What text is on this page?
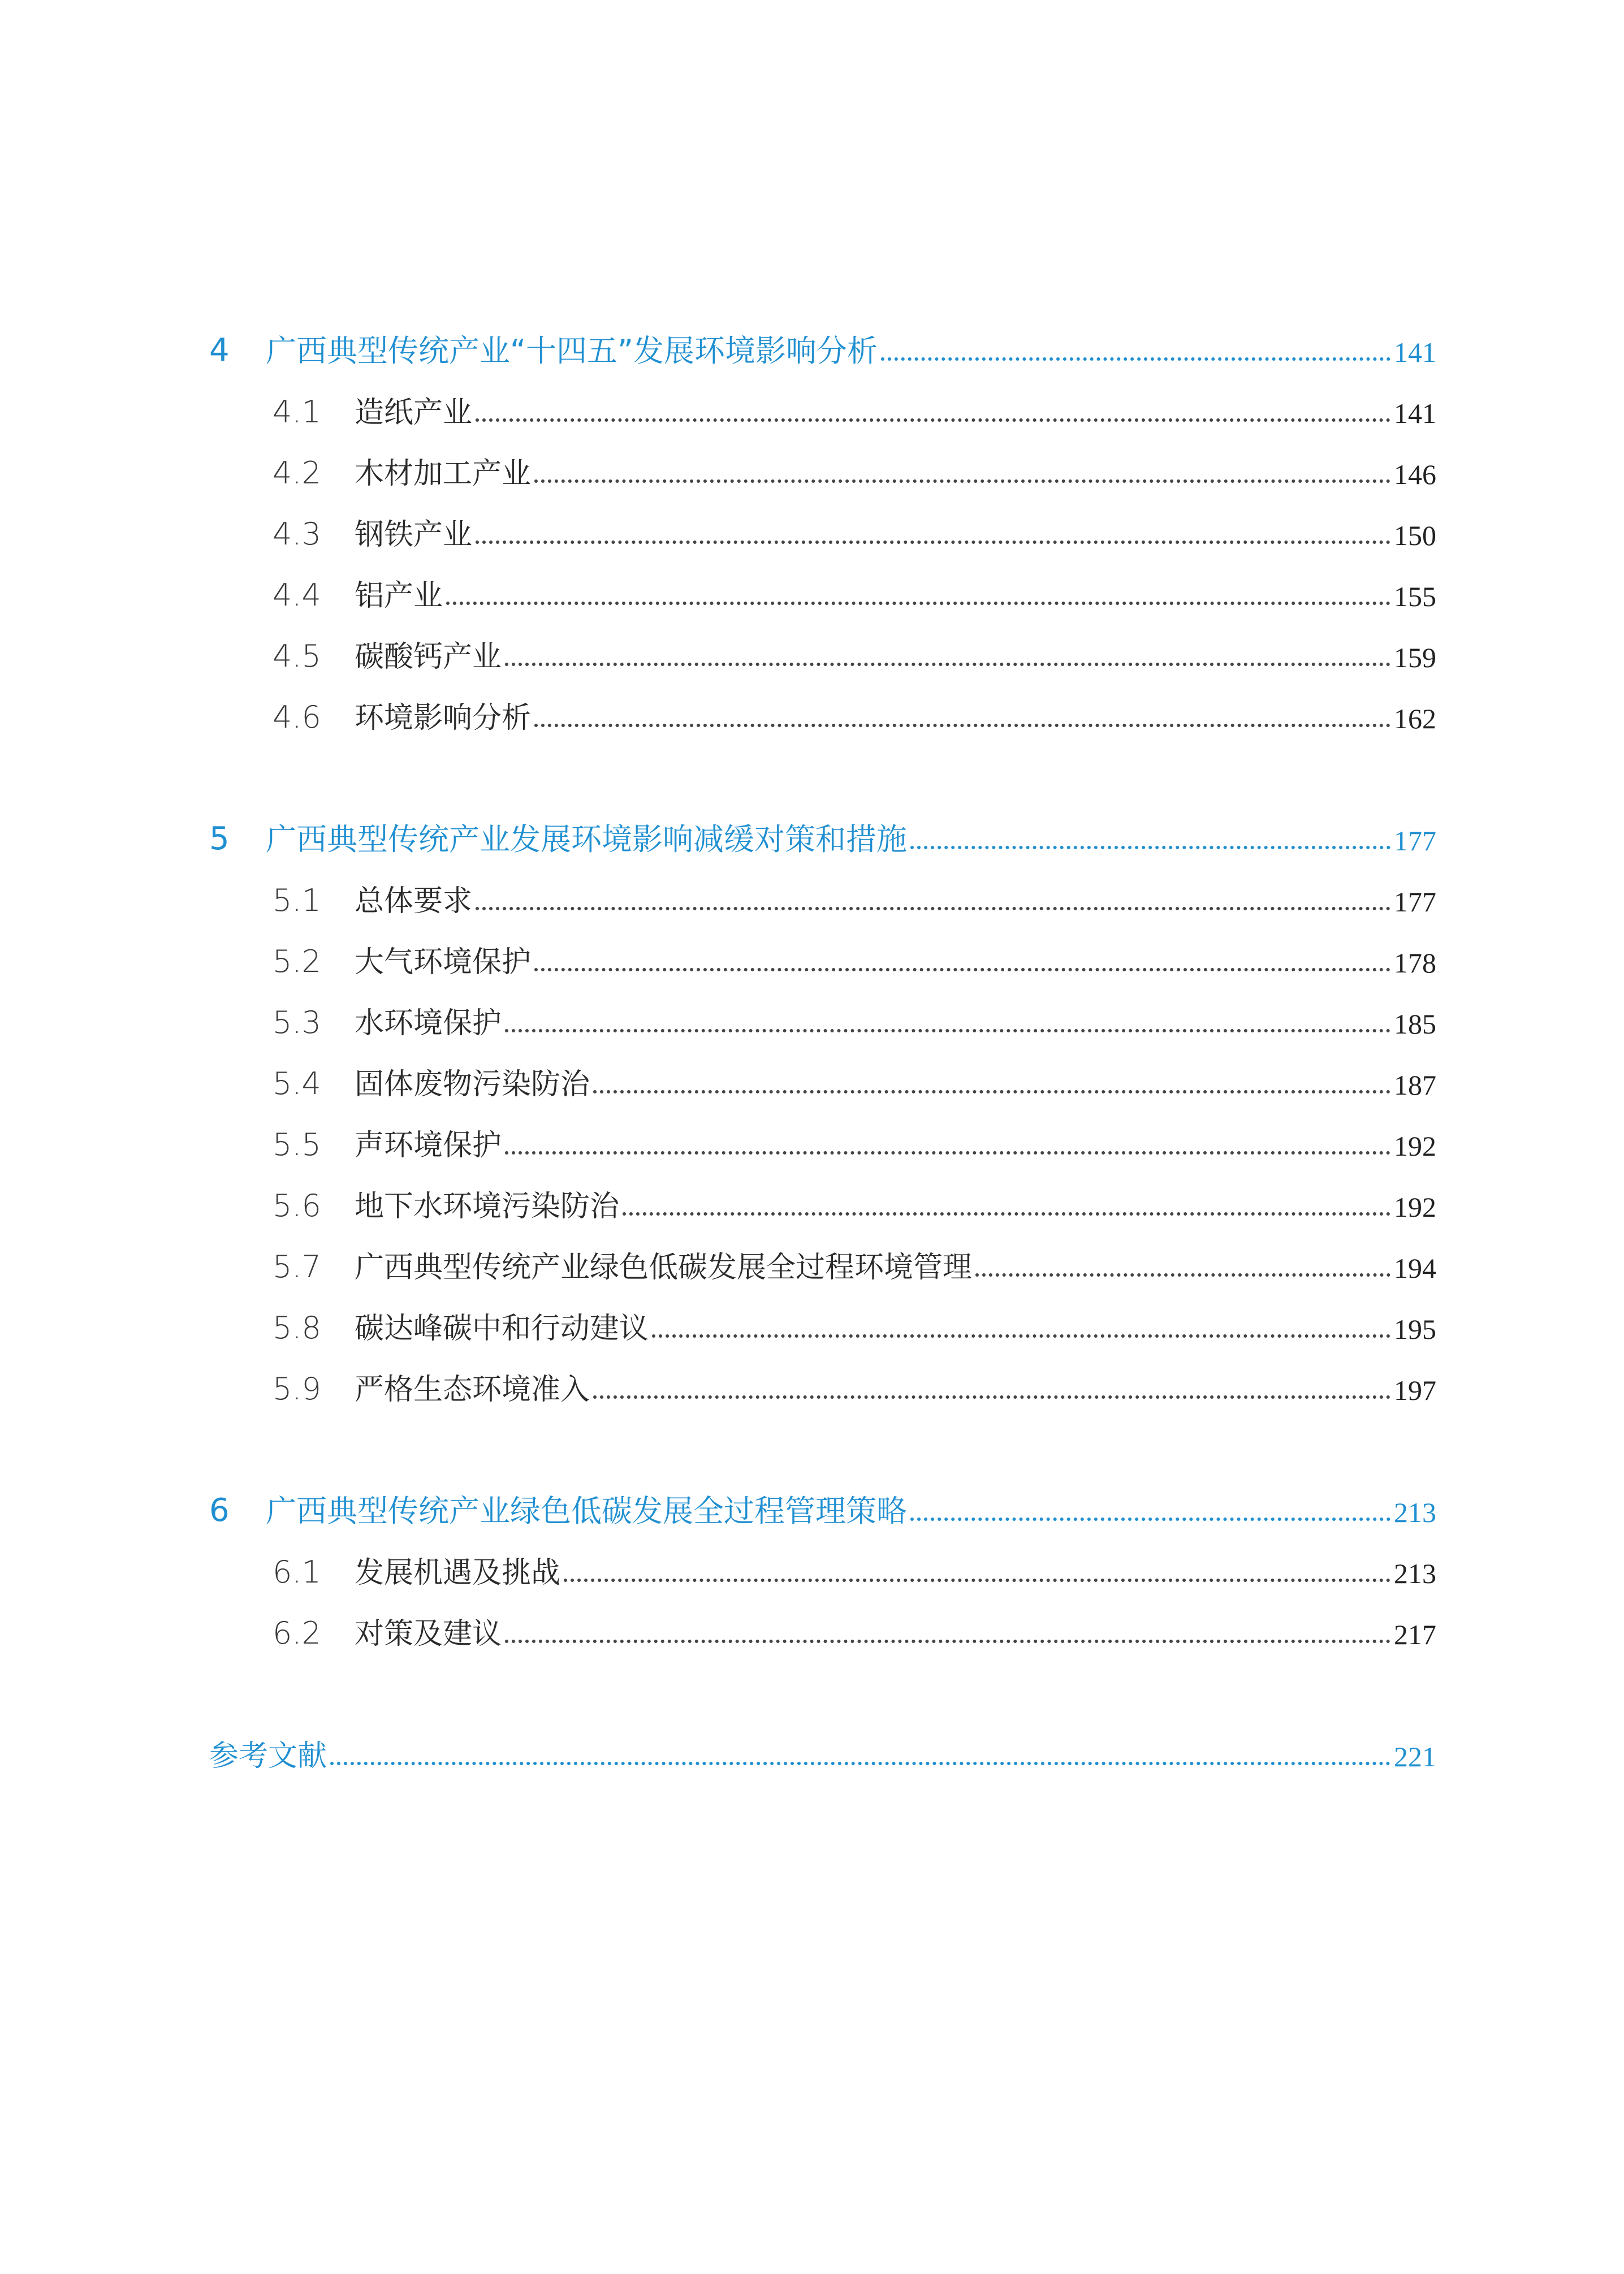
4	广西典型传统产业“十四五”发展环境影响分析	141
4.1	造纸产业	141
4.2	木材加工产业	146
4.3	钢铁产业	150
4.4	铝产业	155
4.5	碳酸钙产业	159
4.6	环境影响分析	162
5	广西典型传统产业发展环境影响减缓对策和措施	177
5.1	总体要求	177
5.2	大气环境保护	178
5.3	水环境保护	185
5.4	固体废物污染防治	187
5.5	声环境保护	192
5.6	地下水环境污染防治	192
5.7	广西典型传统产业绿色低碳发展全过程环境管理	194
5.8	碳达峰碳中和行动建议	195
5.9	严格生态环境准入	197
6	广西典型传统产业绿色低碳发展全过程管理策略	213
6.1	发展机遇及挑战	213
6.2	对策及建议	217
参考文献	221
